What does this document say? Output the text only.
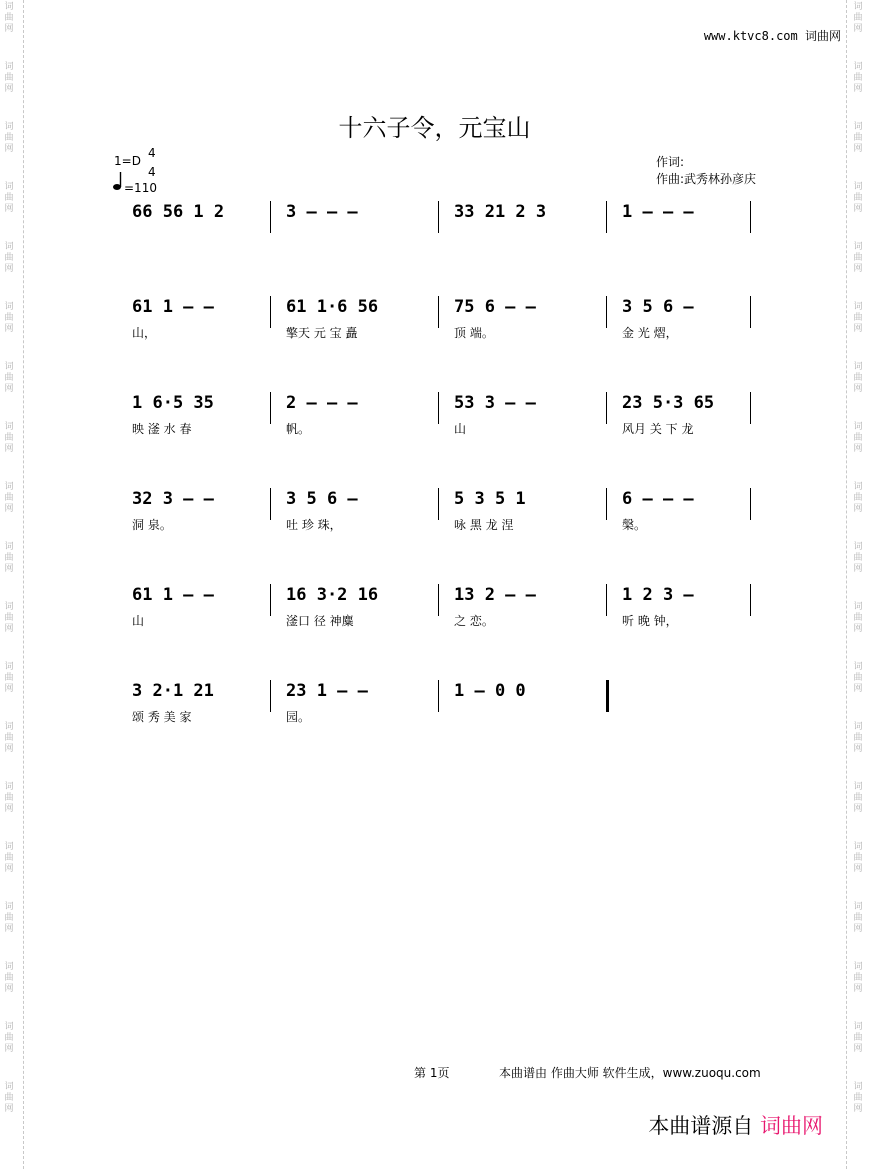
词曲网
词曲网
词曲网
词曲网
词曲网
词曲网
词曲网
词曲网
词曲网
词曲网
词曲网
词曲网
词曲网
词曲网
词曲网
词曲网
词曲网
词曲网
词曲网
词曲网
词曲网
词曲网
词曲网
词曲网
词曲网
词曲网
词曲网
词曲网
词曲网
词曲网
词曲网
词曲网
词曲网
词曲网
词曲网
词曲网
词曲网
词曲网
www.ktvc8.com 词曲网
十六子令，元宝山
1=D
4
4
=110
作词:
作曲:武秀林孙彦庆
66 56 1 2	3 – – –	33 21 2 3	1 – – –
61 1 – –
山，
61 1·6 56
擎天 元 宝 矗
75 6 – –
顶 端。
3 5 6 –
金 光 熠，
1 6·5 35
映 滏 水 春
2 – – –
帆。
53 3 – –
山
23 5·3 65
风月 关 下 龙
32 3 – –
洞 泉。
3 5 6 –
吐 珍 珠，
5 3 5 1
咏 黑 龙 涅
6 – – –
槃。
61 1 – –
山
16 3·2 16
滏口 径 神麋
13 2 – –
之 恋。
1 2 3 –
听 晚 钟，
3 2·1 21
颂 秀 美 家
23 1 – –
园。
1 – 0 0
第 1页	本曲谱由 作曲大师 软件生成，www.zuoqu.com
本曲谱源自 词曲网
